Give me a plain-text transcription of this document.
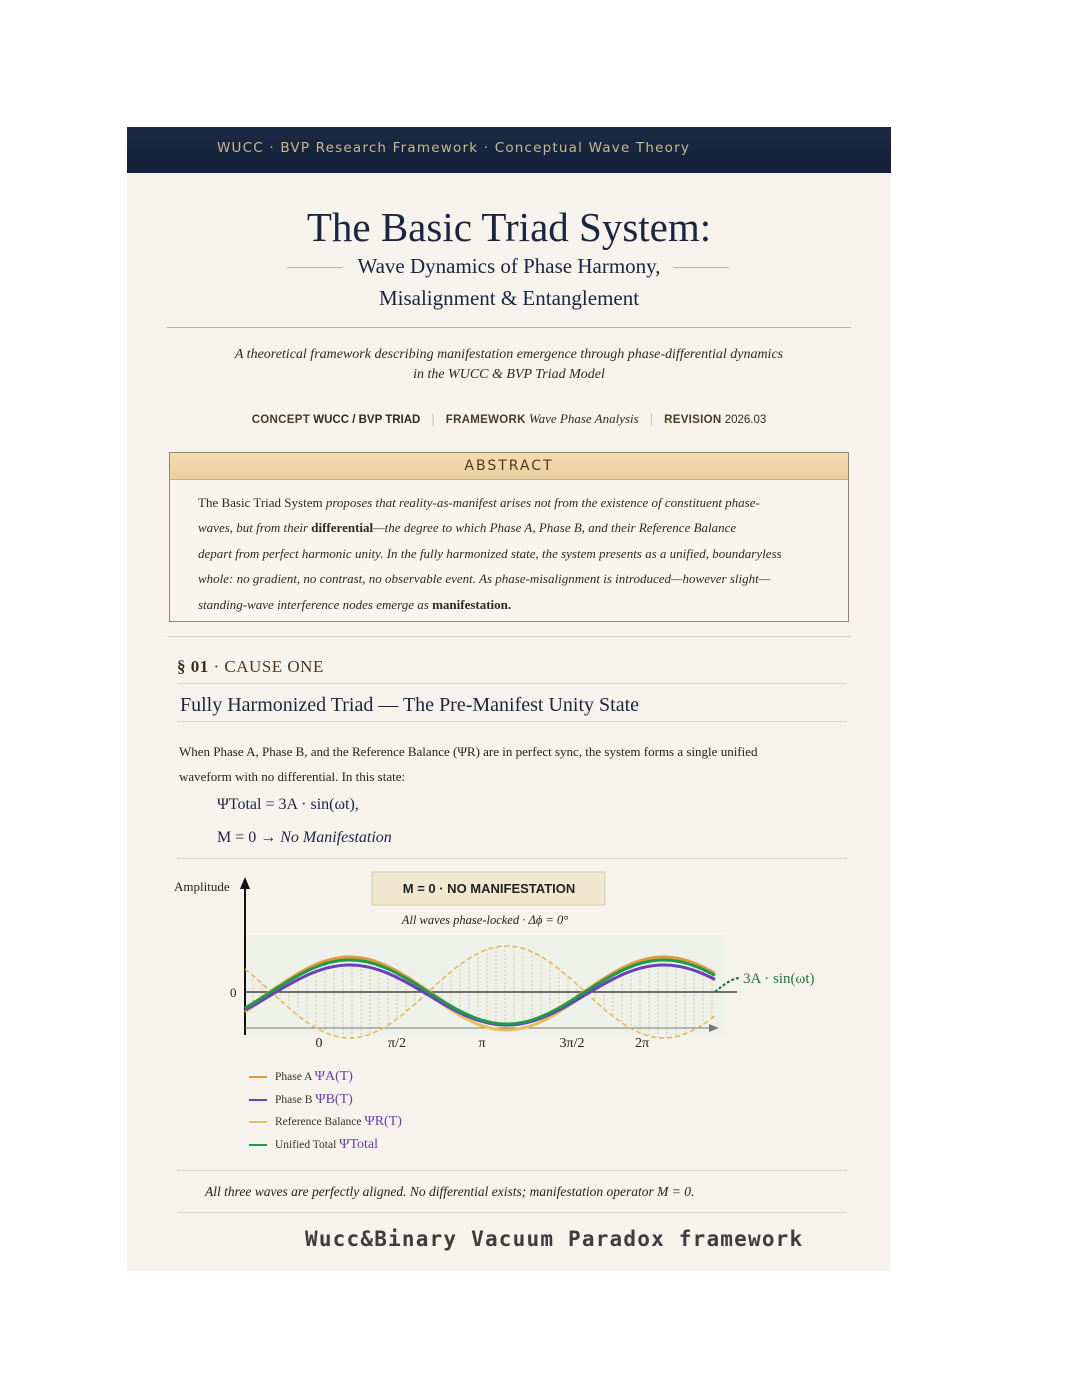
WUCC · BVP Research Framework · Conceptual Wave Theory
The Basic Triad System:
Wave Dynamics of Phase Harmony,
Misalignment & Entanglement
A theoretical framework describing manifestation emergence through phase-differential dynamics
in the WUCC & BVP Triad Model
CONCEPT WUCC / BVP TRIAD | FRAMEWORK Wave Phase Analysis | REVISION 2026.03
ABSTRACT
The Basic Triad System proposes that reality-as-manifest arises not from the existence of constituent phase-
waves, but from their differential—the degree to which Phase A, Phase B, and their Reference Balance
depart from perfect harmonic unity. In the fully harmonized state, the system presents as a unified, boundaryless
whole: no gradient, no contrast, no observable event. As phase-misalignment is introduced—however slight—
standing-wave interference nodes emerge as manifestation.
§ 01 · CAUSE ONE
Fully Harmonized Triad — The Pre-Manifest Unity State
When Phase A, Phase B, and the Reference Balance (ΨR) are in perfect sync, the system forms a single unified
waveform with no differential. In this state:
ΨTotal = 3A · sin(ωt),
M = 0 → No Manifestation
Amplitude	M = 0 · NO MANIFESTATION
All waves phase-locked · Δϕ = 0°
0
0	π/2	π	3π/2	2π
3A · sin(ωt)
Phase A ΨA(T)
Phase B ΨB(T)
Reference Balance ΨR(T)
Unified Total ΨTotal
All three waves are perfectly aligned. No differential exists; manifestation operator M = 0.
Wucc&Binary Vacuum Paradox framework
